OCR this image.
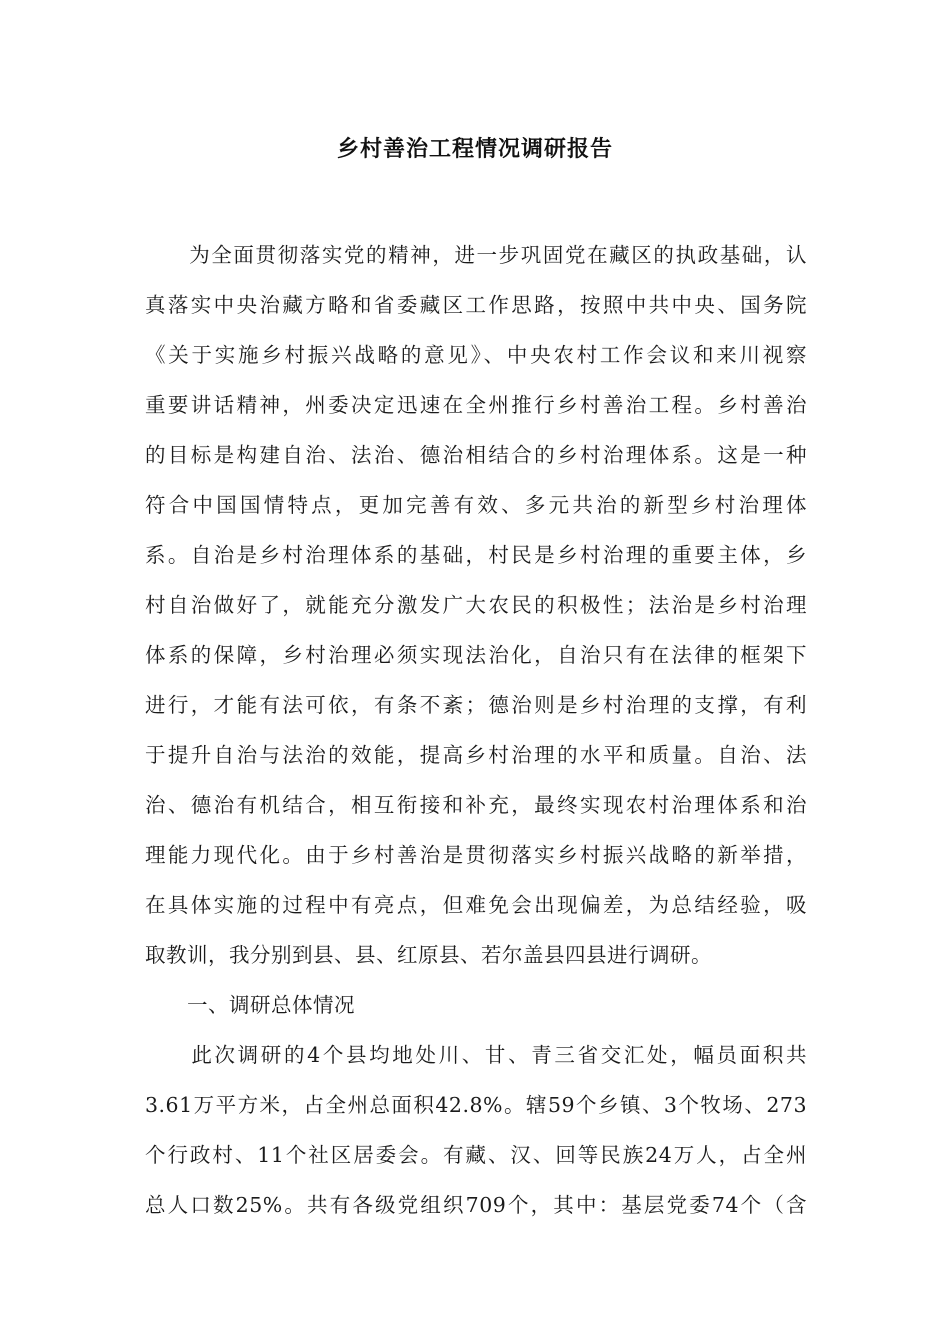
乡村善治工程情况调研报告
　　为全面贯彻落实党的精神，进一步巩固党在藏区的执政基础，认
真落实中央治藏方略和省委藏区工作思路，按照中共中央、国务院
《关于实施乡村振兴战略的意见》、中央农村工作会议和来川视察
重要讲话精神，州委决定迅速在全州推行乡村善治工程。乡村善治
的目标是构建自治、法治、德治相结合的乡村治理体系。这是一种
符合中国国情特点，更加完善有效、多元共治的新型乡村治理体
系。自治是乡村治理体系的基础，村民是乡村治理的重要主体，乡
村自治做好了，就能充分激发广大农民的积极性；法治是乡村治理
体系的保障，乡村治理必须实现法治化，自治只有在法律的框架下
进行，才能有法可依，有条不紊；德治则是乡村治理的支撑，有利
于提升自治与法治的效能，提高乡村治理的水平和质量。自治、法
治、德治有机结合，相互衔接和补充，最终实现农村治理体系和治
理能力现代化。由于乡村善治是贯彻落实乡村振兴战略的新举措，
在具体实施的过程中有亮点，但难免会出现偏差，为总结经验，吸
取教训，我分别到县、县、红原县、若尔盖县四县进行调研。
　　一、调研总体情况
　　此次调研的4个县均地处川、甘、青三省交汇处，幅员面积共
3.61万平方米，占全州总面积42.8%。辖59个乡镇、3个牧场、273
个行政村、11个社区居委会。有藏、汉、回等民族24万人，占全州
总人口数25%。共有各级党组织709个，其中：基层党委74个（含
